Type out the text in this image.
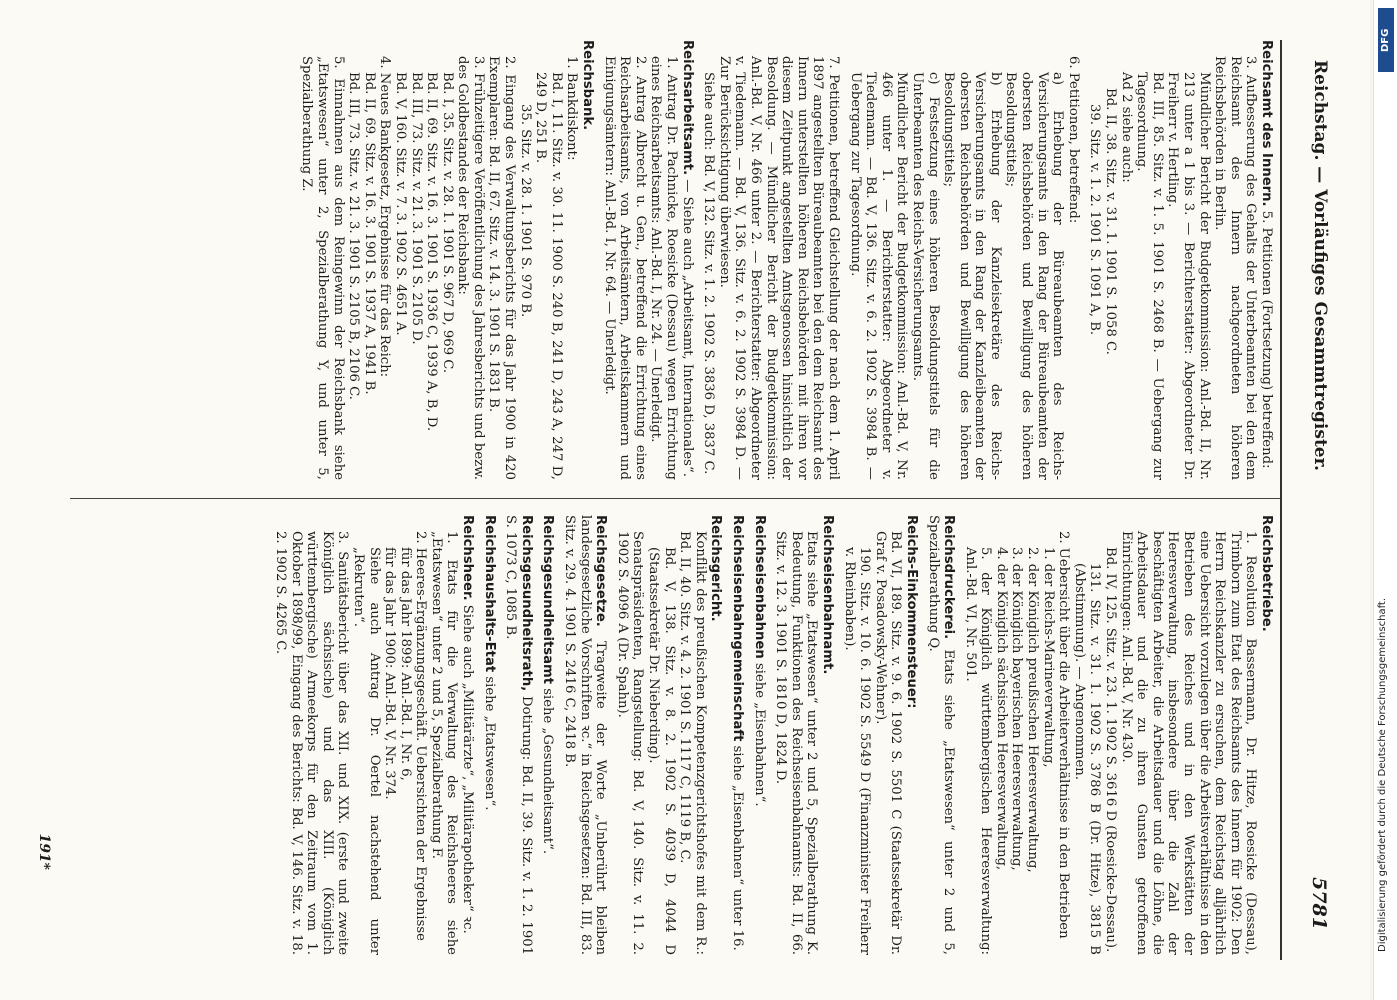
Reichstag. — Vorläufiges Gesammtregister.
5781

Reichsamt des Innern. 5. Petitionen (Fortsetzung) betreffend:

3. Aufbesserung des Gehalts der Unterbeamten bei den dem Reichsamt des Innern nachgeordneten höheren Reichsbehörden in Berlin.

Mündlicher Bericht der Budgetkommission: Anl.-Bd. II, Nr. 213 unter a 1 bis 3. — Berichterstatter: Abgeordneter Dr. Freiherr v. Hertling.

Bd. III, 85. Sitz. v. 1. 5. 1901 S. 2468 B. — Uebergang zur Tagesordnung.

Ad 2 siehe auch:

Bd. II, 38. Sitz. v. 31. 1. 1901 S. 1058 C.

39. Sitz. v. 1. 2. 1901 S. 1091 A, B.

6. Petitionen, betreffend:

a) Erhebung der Büreaubeamten des Reichs-Versicherungsamts in den Rang der Büreaubeamten der obersten Reichsbehörden und Bewilligung des höheren Besoldungstitels;

b) Erhebung der Kanzleisekretäre des Reichs-Versicherungsamts in den Rang der Kanzleibeamten der obersten Reichsbehörden und Bewilligung des höheren Besoldungstitels;

c) Festsetzung eines höheren Besoldungstitels für die Unterbeamten des Reichs-Versicherungsamts.

Mündlicher Bericht der Budgetkommission: Anl.-Bd. V, Nr. 466 unter 1. — Berichterstatter: Abgeordneter v. Tiedemann. — Bd. V, 136. Sitz. v. 6. 2. 1902 S. 3984 B. — Uebergang zur Tagesordnung.

7. Petitionen, betreffend Gleichstellung der nach dem 1. April 1897 angestellten Büreaubeamten bei den dem Reichsamt des Innern unterstellten höheren Reichsbehörden mit ihren vor diesem Zeitpunkt angestellten Amtsgenossen hinsichtlich der Besoldung. — Mündlicher Bericht der Budgetkommission: Anl.-Bd. V, Nr. 466 unter 2. — Berichterstatter: Abgeordneter v. Tiedemann. — Bd. V, 136. Sitz. v. 6. 2. 1902 S. 3984 D. — Zur Berücksichtigung überwiesen.

Siehe auch: Bd. V, 132. Sitz. v. 1. 2. 1902 S. 3836 D, 3837 C.

Reichsarbeitsamt. — Siehe auch „Arbeitsamt, Internationales“.

1. Antrag Dr. Pachnicke, Roesicke (Dessau) wegen Errichtung eines Reichsarbeitsamts: Anl.-Bd. I, Nr. 24. — Unerledigt.

2. Antrag Albrecht u. Gen., betreffend die Errichtung eines Reichsarbeitsamts, von Arbeitsämtern, Arbeitskammern und Einigungsämtern: Anl.-Bd. I, Nr. 64. — Unerledigt.

Reichsbank.

1. Bankdiskont:

Bd. I, 11. Sitz. v. 30. 11. 1900 S. 240 B, 241 D, 243 A, 247 D, 249 D, 251 B.

35. Sitz. v. 28. 1. 1901 S. 970 B.

2. Eingang des Verwaltungsberichts für das Jahr 1900 in 420 Exemplaren: Bd. II, 67. Sitz. v. 14. 3. 1901 S. 1831 B.

3. Frühzeitigere Veröffentlichung des Jahresberichts und bezw. des Goldbestandes der Reichsbank:

Bd. I, 35. Sitz. v. 28. 1. 1901 S. 967 D, 969 C.

Bd. II, 69. Sitz. v. 16. 3. 1901 S. 1936 C, 1939 A, B, D.

Bd. III, 73. Sitz. v. 21. 3. 1901 S. 2105 D.

Bd. V, 160. Sitz. v. 7. 3. 1902 S. 4651 A.

4. Neues Bankgesetz, Ergebnisse für das Reich:

Bd. II, 69. Sitz. v. 16. 3. 1901 S. 1937 A, 1941 B.

Bd. III, 73. Sitz. v. 21. 3. 1901 S. 2105 B, 2106 C.

5. Einnahmen aus dem Reingewinn der Reichsbank siehe „Etatswesen“ unter 2, Spezialberathung Y, und unter 5, Spezialberathung Z.

Reichsbetriebe.

1. Resolution Bassermann, Dr. Hitze, Roesicke (Dessau), Trimborn zum Etat des Reichsamts des Innern für 1902: Den Herrn Reichskanzler zu ersuchen, dem Reichstag alljährlich eine Uebersicht vorzulegen über die Arbeitsverhältnisse in den Betrieben des Reiches und in den Werkstätten der Heeresverwaltung, insbesondere über die Zahl der beschäftigten Arbeiter, die Arbeitsdauer und die Löhne, die Arbeitsdauer und die zu ihren Gunsten getroffenen Einrichtungen: Anl.-Bd. V, Nr. 430.

Bd. IV, 125. Sitz. v. 23. 1. 1902 S. 3616 D (Roesicke-Dessau).

131. Sitz. v. 31. 1. 1902 S. 3786 B (Dr. Hitze), 3815 B (Abstimmung). — Angenommen.

2. Uebersicht über die Arbeiterverhältnisse in den Betrieben

1. der Reichs-Marineverwaltung,

2. der Königlich preußischen Heeresverwaltung,

3. der Königlich bayerischen Heeresverwaltung,

4. der Königlich sächsischen Heeresverwaltung,

5. der Königlich württembergischen Heeresverwaltung: Anl.-Bd. VI, Nr. 501.

Reichsdruckerei. Etats siehe „Etatswesen“ unter 2 und 5, Spezialberathung Q.

Reichs-Einkommensteuer:

Bd. VI, 189. Sitz. v. 9. 6. 1902 S. 5501 C (Staatssekretär Dr. Graf v. Posadowsky-Wehner).

190. Sitz. v. 10. 6. 1902 S. 5549 D (Finanzminister Freiherr v. Rheinbaben).

Reichseisenbahnamt.

Etats siehe „Etatswesen“ unter 2 und 5, Spezialberathung K. Bedeutung, Funktionen des Reichseisenbahnamts: Bd. II, 66. Sitz. v. 12. 3. 1901 S. 1810 D, 1824 D.

Reichseisenbahnen siehe „Eisenbahnen“.

Reichseisenbahngemeinschaft siehe „Eisenbahnen“ unter 16.

Reichsgericht.

Konflikt des preußischen Kompetenzgerichtshofes mit dem R.: Bd. II, 40. Sitz. v. 4. 2. 1901 S. 1117 C, 1119 B, C.

Bd. V, 138. Sitz. v. 8. 2. 1902 S. 4039 D, 4044 D (Staatssekretär Dr. Nieberding).

Senatspräsidenten, Rangstellung: Bd. V, 140. Sitz. v. 11. 2. 1902 S. 4096 A (Dr. Spahn).

Reichsgesetze. Tragweite der Worte „Unberührt bleiben landesgesetzliche Vorschriften ꝛc.“ in Reichsgesetzen: Bd. III, 83. Sitz. v. 29. 4. 1901 S. 2416 C, 2418 B.

Reichsgesundheitsamt siehe „Gesundheitsamt“.

Reichsgesundheitsrath, Dotirung: Bd. II, 39. Sitz. v. 1. 2. 1901 S. 1073 C, 1085 B.

Reichshaushalts-Etat siehe „Etatswesen“.

Reichsheer. Siehe auch „Militärärzte“, „Militärapotheker“ ꝛc.

1. Etats für die Verwaltung des Reichsheeres siehe „Etatswesen“ unter 2 und 5, Spezialberathung F.

2. Heeres-Ergänzungsgeschäft. Uebersichten der Ergebnisse

für das Jahr 1899: Anl.-Bd. I, Nr. 6,

für das Jahr 1900: Anl.-Bd. V, Nr. 374.

Siehe auch Antrag Dr. Oertel nachstehend unter „Rekruten“.

3. Sanitätsbericht über das XII. und XIX. (erste und zweite Königlich sächsische) und das XIII. (Königlich württembergische) Armeekorps für den Zeitraum vom 1. Oktober 1898/99, Eingang des Berichts: Bd. V, 146. Sitz. v. 18. 2. 1902 S. 4265 C.

191*
DFG
Digitalisierung gefördert durch die Deutsche Forschungsgemeinschaft.
